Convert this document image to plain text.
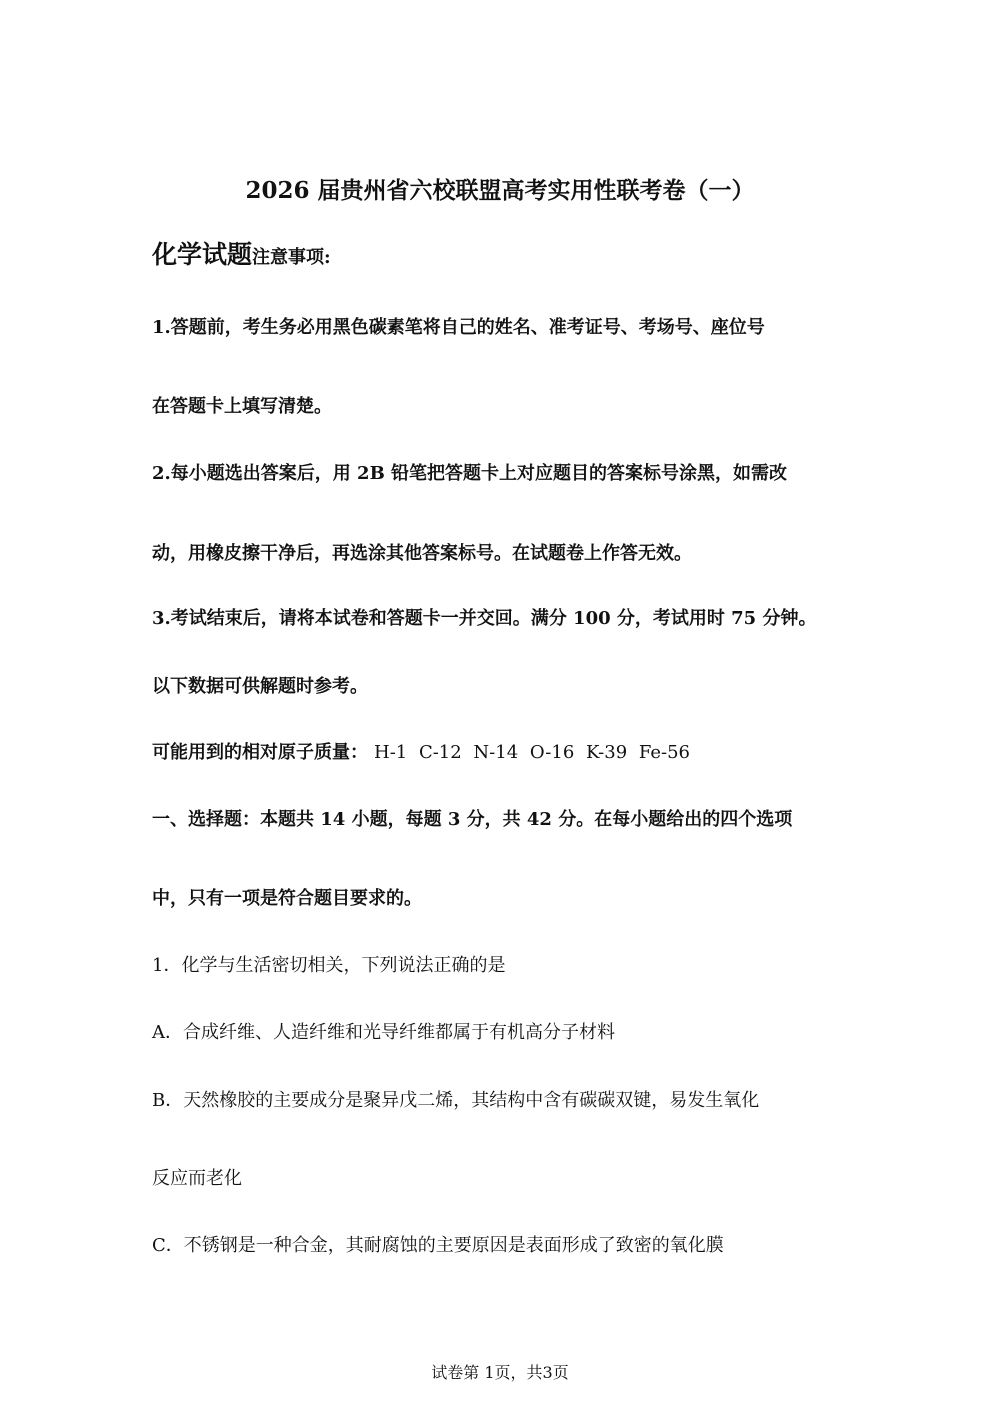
2026 届贵州省六校联盟高考实用性联考卷（一）
化学试题注意事项:
1.答题前，考生务必用黑色碳素笔将自己的姓名、准考证号、考场号、座位号
在答题卡上填写清楚。
2.每小题选出答案后，用 2B 铅笔把答题卡上对应题目的答案标号涂黑，如需改
动，用橡皮擦干净后，再选涂其他答案标号。在试题卷上作答无效。
3.考试结束后，请将本试卷和答题卡一并交回。满分 100 分，考试用时 75 分钟。
以下数据可供解题时参考。
可能用到的相对原子质量： H-1 C-12 N-14 O-16 K-39 Fe-56
一、选择题：本题共 14 小题，每题 3 分，共 42 分。在每小题给出的四个选项
中，只有一项是符合题目要求的。
1．化学与生活密切相关，下列说法正确的是
A．合成纤维、人造纤维和光导纤维都属于有机高分子材料
B．天然橡胶的主要成分是聚异戊二烯，其结构中含有碳碳双键，易发生氧化
反应而老化
C．不锈钢是一种合金，其耐腐蚀的主要原因是表面形成了致密的氧化膜
试卷第 1页，共3页
